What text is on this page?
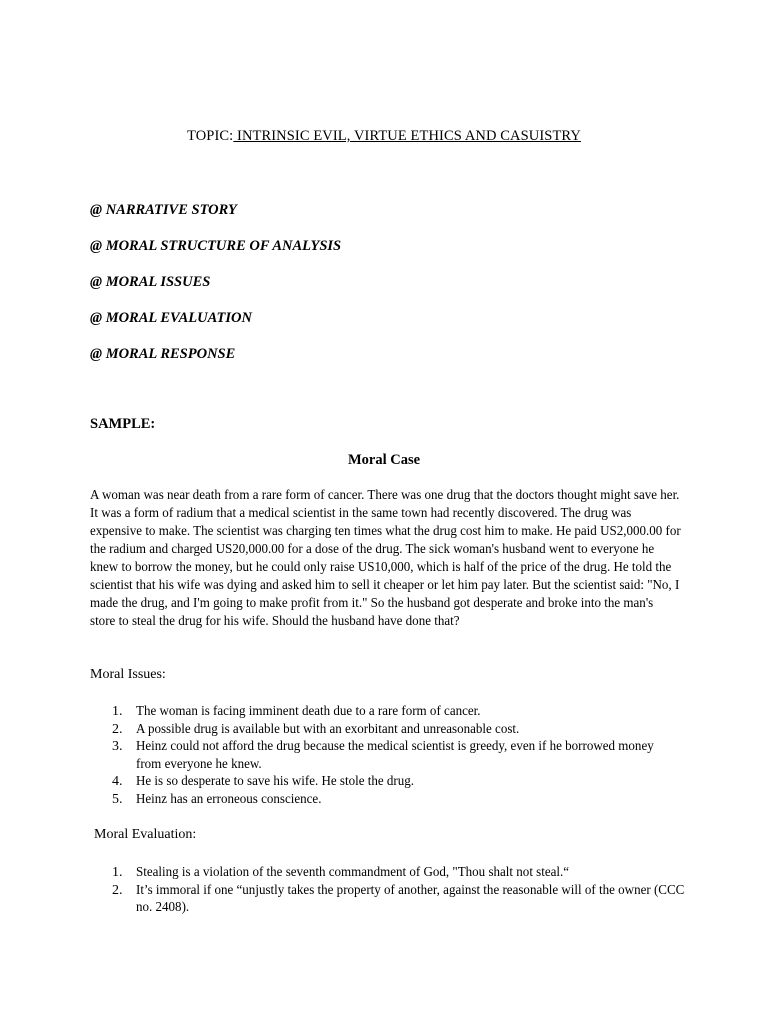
TOPIC: INTRINSIC EVIL, VIRTUE ETHICS AND CASUISTRY
@ NARRATIVE STORY
@ MORAL STRUCTURE OF ANALYSIS
@ MORAL ISSUES
@ MORAL EVALUATION
@ MORAL RESPONSE
SAMPLE:
Moral Case

A woman was near death from a rare form of cancer. There was one drug that the doctors thought might save her. It was a form of radium that a medical scientist in the same town had recently discovered. The drug was expensive to make. The scientist was charging ten times what the drug cost him to make. He paid US2,000.00 for the radium and charged US20,000.00 for a dose of the drug. The sick woman's husband went to everyone he knew to borrow the money, but he could only raise US10,000, which is half of the price of the drug. He told the scientist that his wife was dying and asked him to sell it cheaper or let him pay later. But the scientist said: "No, I made the drug, and I'm going to make profit from it." So the husband got desperate and broke into the man's store to steal the drug for his wife. Should the husband have done that?

Moral Issues:
1. The woman is facing imminent death due to a rare form of cancer.
2. A possible drug is available but with an exorbitant and unreasonable cost.
3. Heinz could not afford the drug because the medical scientist is greedy, even if he borrowed money from everyone he knew.
4. He is so desperate to save his wife. He stole the drug.
5. Heinz has an erroneous conscience.
Moral Evaluation:
1. Stealing is a violation of the seventh commandment of God, "Thou shalt not steal.“
2. It’s immoral if one “unjustly takes the property of another, against the reasonable will of the owner (CCC no. 2408).
